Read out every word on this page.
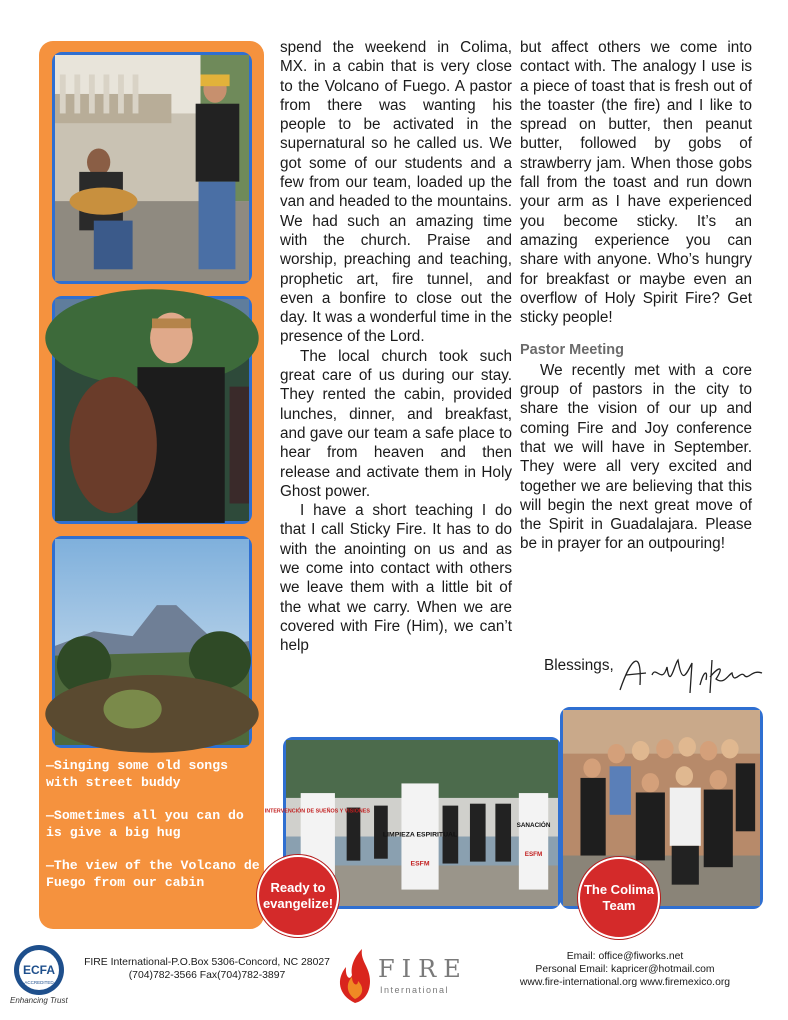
—Singing some old songs with street buddy

—Sometimes all you can do is give a big hug

—The view of the Volcano de Fuego from our cabin

spend the weekend in Colima, MX. in a cabin that is very close to the Volcano of Fuego. A pastor from there was wanting his people to be activated in the supernatural so he called us. We got some of our students and a few from our team, loaded up the van and headed to the mountains. We had such an amazing time with the church. Praise and worship, preaching and teaching, prophetic art, fire tunnel, and even a bonfire to close out the day. It was a wonderful time in the presence of the Lord.

The local church took such great care of us during our stay. They rented the cabin, provided lunches, dinner, and breakfast, and gave our team a safe place to hear from heaven and then release and activate them in Holy Ghost power.

I have a short teaching I do that I call Sticky Fire. It has to do with the anointing on us and as we come into contact with others we leave them with a little bit of the what we carry. When we are covered with Fire (Him), we can’t help

but affect others we come into contact with. The analogy I use is a piece of toast that is fresh out of the toaster (the fire) and I like to spread on butter, then peanut butter, followed by gobs of strawberry jam. When those gobs fall from the toast and run down your arm as I have experienced you become sticky. It’s an amazing experience you can share with anyone. Who’s hungry for breakfast or maybe even an overflow of Holy Spirit Fire? Get sticky people!

Pastor Meeting

We recently met with a core group of pastors in the city to share the vision of our up and coming Fire and Joy conference that we will have in September. They were all very excited and together we are believing that this will begin the next great move of the Spirit in Guadalajara. Please be in prayer for an outpouring!

Blessings,
INTERVENCIÓN DE SUEÑOS Y VISIONES
LIMPIEZA ESPIRITUAL
ESFM
SANACIÓN
ESFM
Ready to evangelize!
The Colima Team
ECFA
ACCREDITED
Enhancing Trust
FIRE International-P.O.Box 5306-Concord, NC 28027
(704)782-3566 Fax(704)782-3897	FIRE
International
Email: office@fiworks.net
Personal Email: kapricer@hotmail.com
www.fire-international.org www.firemexico.org
